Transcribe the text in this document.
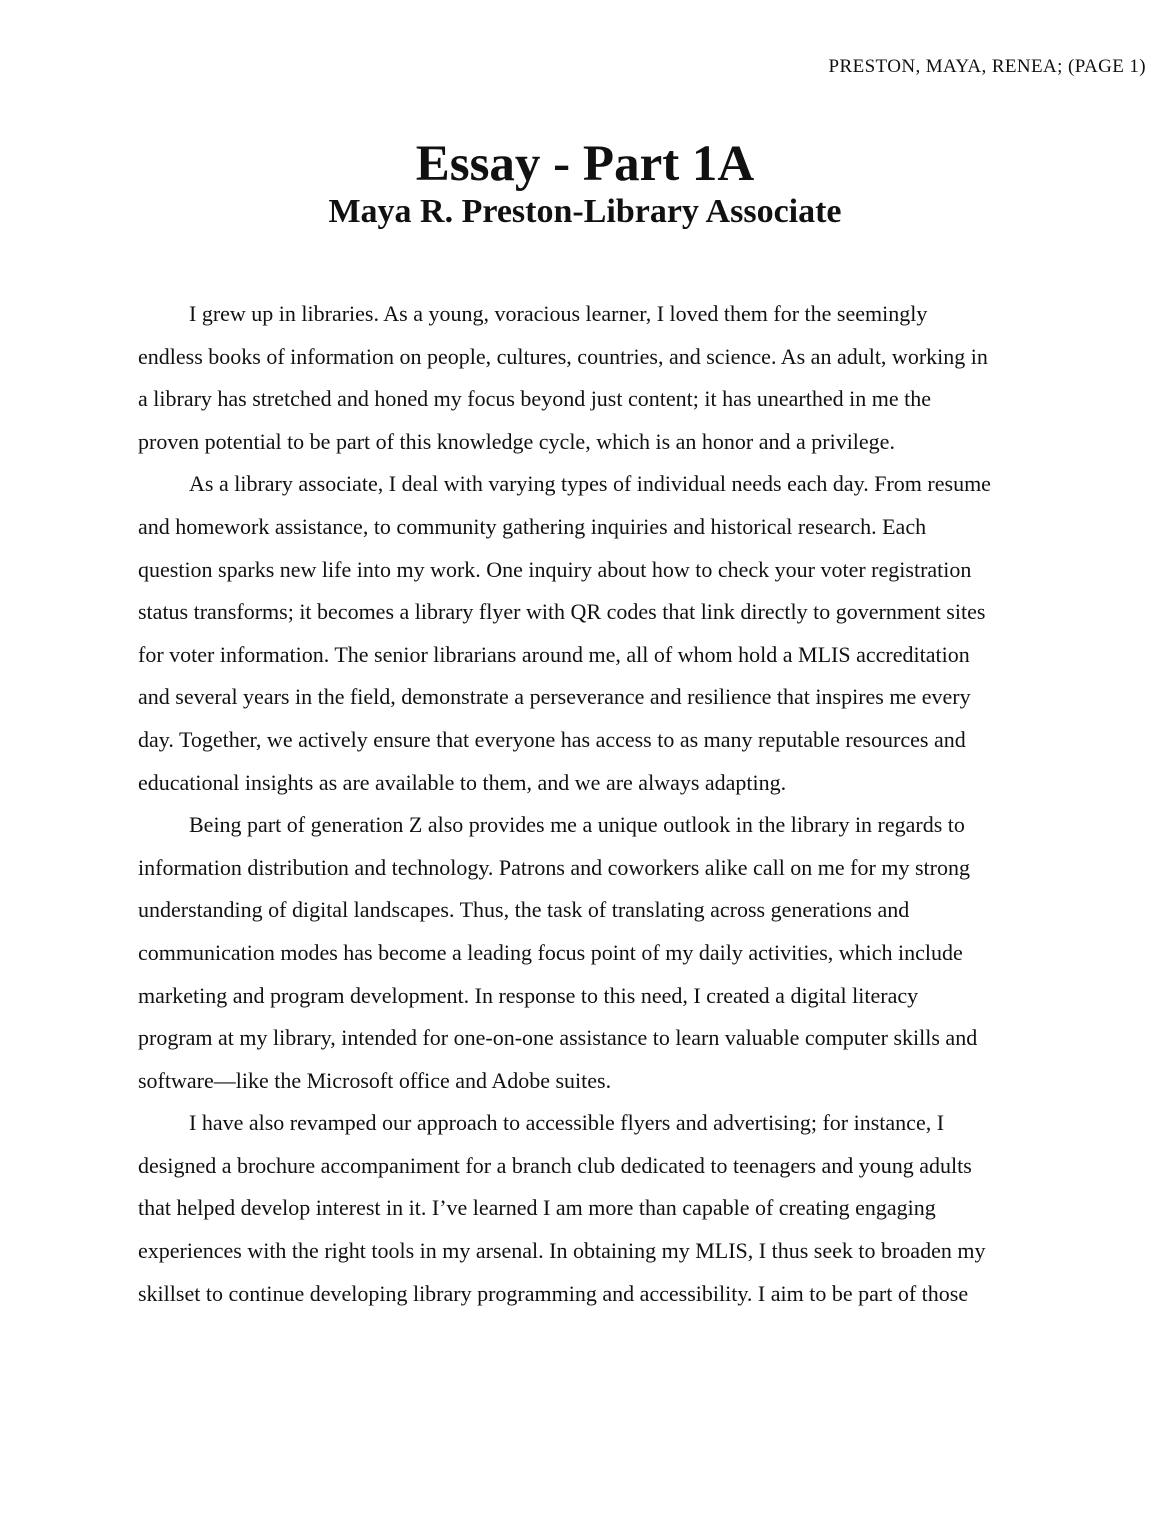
PRESTON, MAYA, RENEA; (PAGE 1)
Essay - Part 1A
Maya R. Preston-Library Associate
I grew up in libraries. As a young, voracious learner, I loved them for the seemingly
endless books of information on people, cultures, countries, and science. As an adult, working in
a library has stretched and honed my focus beyond just content; it has unearthed in me the
proven potential to be part of this knowledge cycle, which is an honor and a privilege.
As a library associate, I deal with varying types of individual needs each day. From resume
and homework assistance, to community gathering inquiries and historical research. Each
question sparks new life into my work. One inquiry about how to check your voter registration
status transforms; it becomes a library flyer with QR codes that link directly to government sites
for voter information. The senior librarians around me, all of whom hold a MLIS accreditation
and several years in the field, demonstrate a perseverance and resilience that inspires me every
day. Together, we actively ensure that everyone has access to as many reputable resources and
educational insights as are available to them, and we are always adapting.
Being part of generation Z also provides me a unique outlook in the library in regards to
information distribution and technology. Patrons and coworkers alike call on me for my strong
understanding of digital landscapes. Thus, the task of translating across generations and
communication modes has become a leading focus point of my daily activities, which include
marketing and program development. In response to this need, I created a digital literacy
program at my library, intended for one-on-one assistance to learn valuable computer skills and
software—like the Microsoft office and Adobe suites.
I have also revamped our approach to accessible flyers and advertising; for instance, I
designed a brochure accompaniment for a branch club dedicated to teenagers and young adults
that helped develop interest in it. I’ve learned I am more than capable of creating engaging
experiences with the right tools in my arsenal. In obtaining my MLIS, I thus seek to broaden my
skillset to continue developing library programming and accessibility. I aim to be part of those
